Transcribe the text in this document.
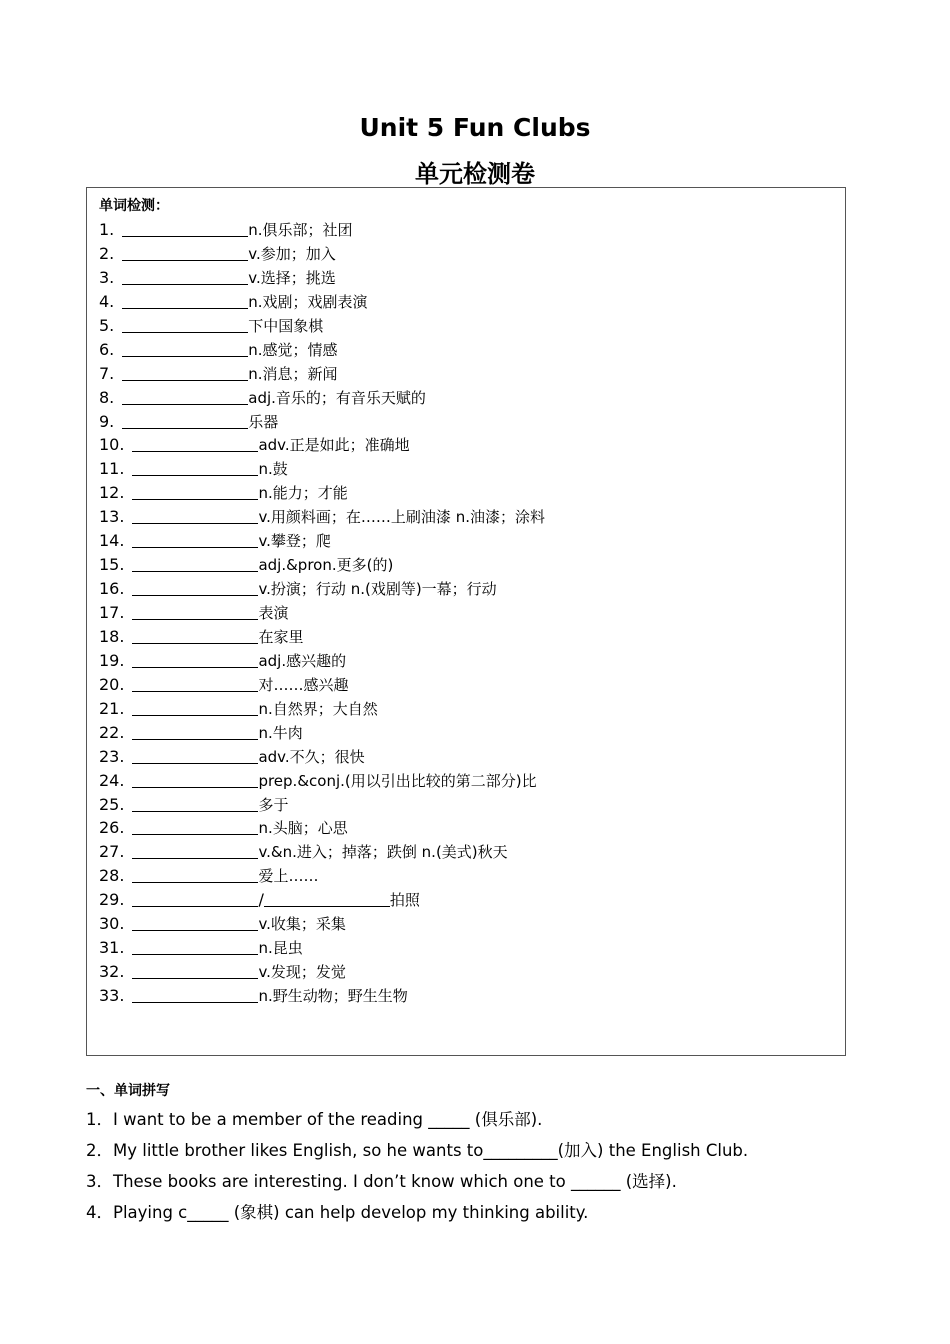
Unit 5 Fun Clubs
单元检测卷
单词检测：
1.	n.俱乐部；社团
2.	v.参加；加入
3.	v.选择；挑选
4.	n.戏剧；戏剧表演
5.	下中国象棋
6.	n.感觉；情感
7.	n.消息；新闻
8.	adj.音乐的；有音乐天赋的
9.	乐器
10.	adv.正是如此；准确地
11.	n.鼓
12.	n.能力；才能
13.	v.用颜料画；在……上刷油漆 n.油漆；涂料
14.	v.攀登；爬
15.	adj.&pron.更多(的)
16.	v.扮演；行动 n.(戏剧等)一幕；行动
17.	表演
18.	在家里
19.	adj.感兴趣的
20.	对……感兴趣
21.	n.自然界；大自然
22.	n.牛肉
23.	adv.不久；很快
24.	prep.&conj.(用以引出比较的第二部分)比
25.	多于
26.	n.头脑；心思
27.	v.&n.进入；掉落；跌倒 n.(美式)秋天
28.	爱上……
29.	/	拍照
30.	v.收集；采集
31.	n.昆虫
32.	v.发现；发觉
33.	n.野生动物；野生生物
一、单词拼写
1．I want to be a member of the reading _____ (俱乐部).
2．My little brother likes English, so he wants to_________(加入) the English Club.
3．These books are interesting. I don’t know which one to ______ (选择).
4．Playing c_____ (象棋) can help develop my thinking ability.
